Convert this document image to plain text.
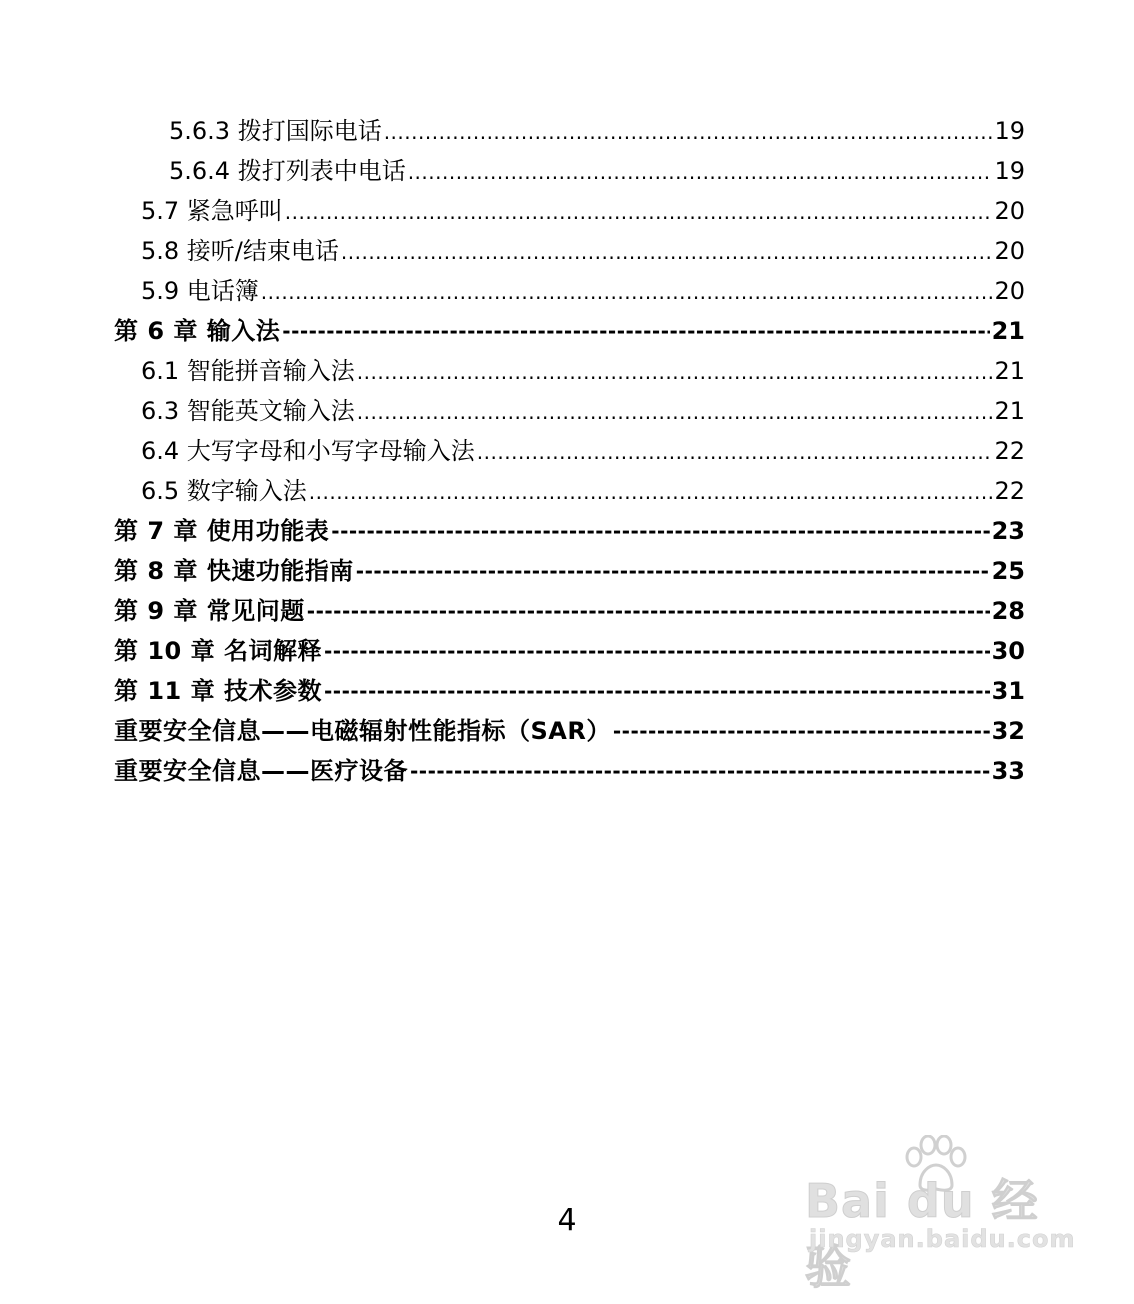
5.6.3 拨打国际电话 .....	19
5.6.4 拨打列表中电话 .....	19
5.7 紧急呼叫 .....	20
5.8 接听/结束电话 .....	20
5.9 电话簿 .....	20
第 6 章 输入法 -----	21
6.1 智能拼音输入法 .....	21
6.3 智能英文输入法 .....	21
6.4 大写字母和小写字母输入法 .....	22
6.5 数字输入法 .....	22
第 7 章 使用功能表 -----	23
第 8 章 快速功能指南 -----	25
第 9 章 常见问题 -----	28
第 10 章 名词解释 -----	30
第 11 章 技术参数 -----	31
重要安全信息——电磁辐射性能指标（SAR） -----	32
重要安全信息——医疗设备 -----	33
4	Bai du 经验
jingyan.baidu.com
